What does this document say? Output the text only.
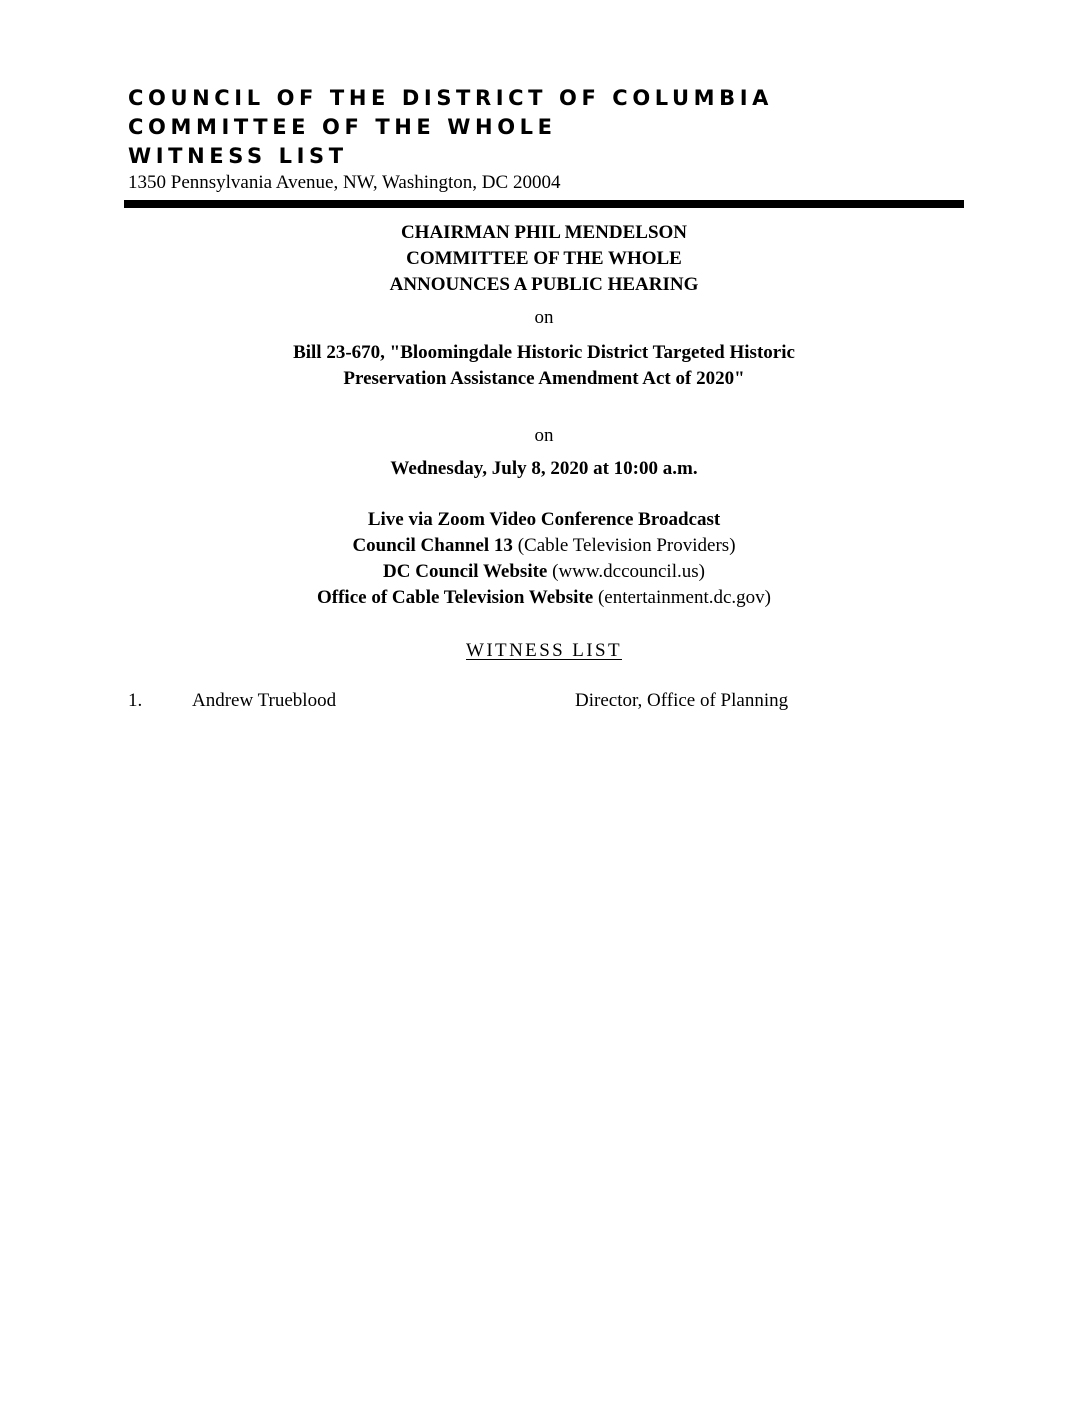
COUNCIL OF THE DISTRICT OF COLUMBIA
COMMITTEE OF THE WHOLE
WITNESS LIST
1350 Pennsylvania Avenue, NW, Washington, DC 20004
CHAIRMAN PHIL MENDELSON
COMMITTEE OF THE WHOLE
ANNOUNCES A PUBLIC HEARING
on
Bill 23-670, "Bloomingdale Historic District Targeted Historic
Preservation Assistance Amendment Act of 2020"
on
Wednesday, July 8, 2020 at 10:00 a.m.
Live via Zoom Video Conference Broadcast
Council Channel 13 (Cable Television Providers)
DC Council Website (www.dccouncil.us)
Office of Cable Television Website (entertainment.dc.gov)
WITNESS LIST
1.	Andrew Trueblood	Director, Office of Planning
